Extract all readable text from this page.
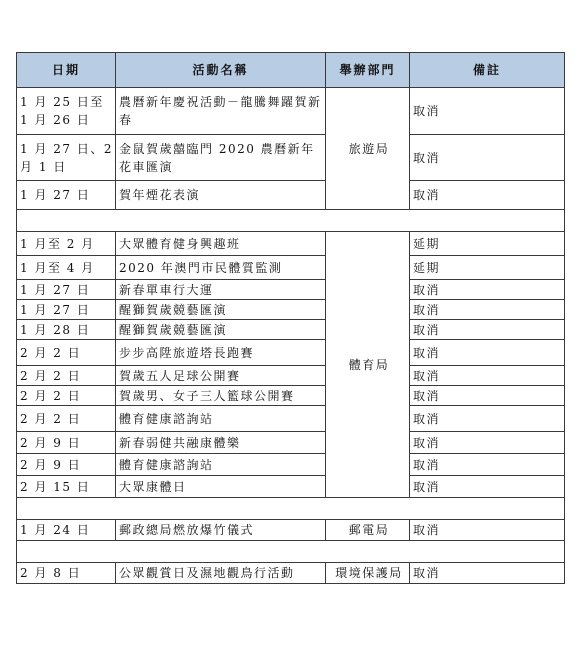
日期	活動名稱	舉辦部門	備註
1 月 25 日至 1 月 26 日	農曆新年慶祝活動－龍騰舞躍賀新春	旅遊局	取消
1 月 27 日、2 月 1 日	金鼠賀歲囍臨門 2020 農曆新年花車匯演		取消
1 月 27 日	賀年煙花表演		取消

1 月至 2 月	大眾體育健身興趣班	體育局	延期
1 月至 4 月	2020 年澳門市民體質監測		延期
1 月 27 日	新春單車行大運		取消
1 月 27 日	醒獅賀歲競藝匯演		取消
1 月 28 日	醒獅賀歲競藝匯演		取消
2 月 2 日	步步高陞旅遊塔長跑賽		取消
2 月 2 日	賀歲五人足球公開賽		取消
2 月 2 日	賀歲男、女子三人籃球公開賽		取消
2 月 2 日	體育健康諮詢站		取消
2 月 9 日	新春弱健共融康體樂		取消
2 月 9 日	體育健康諮詢站		取消
2 月 15 日	大眾康體日		取消

1 月 24 日	郵政總局燃放爆竹儀式	郵電局	取消

2 月 8 日	公眾觀賞日及濕地觀鳥行活動	環境保護局	取消
